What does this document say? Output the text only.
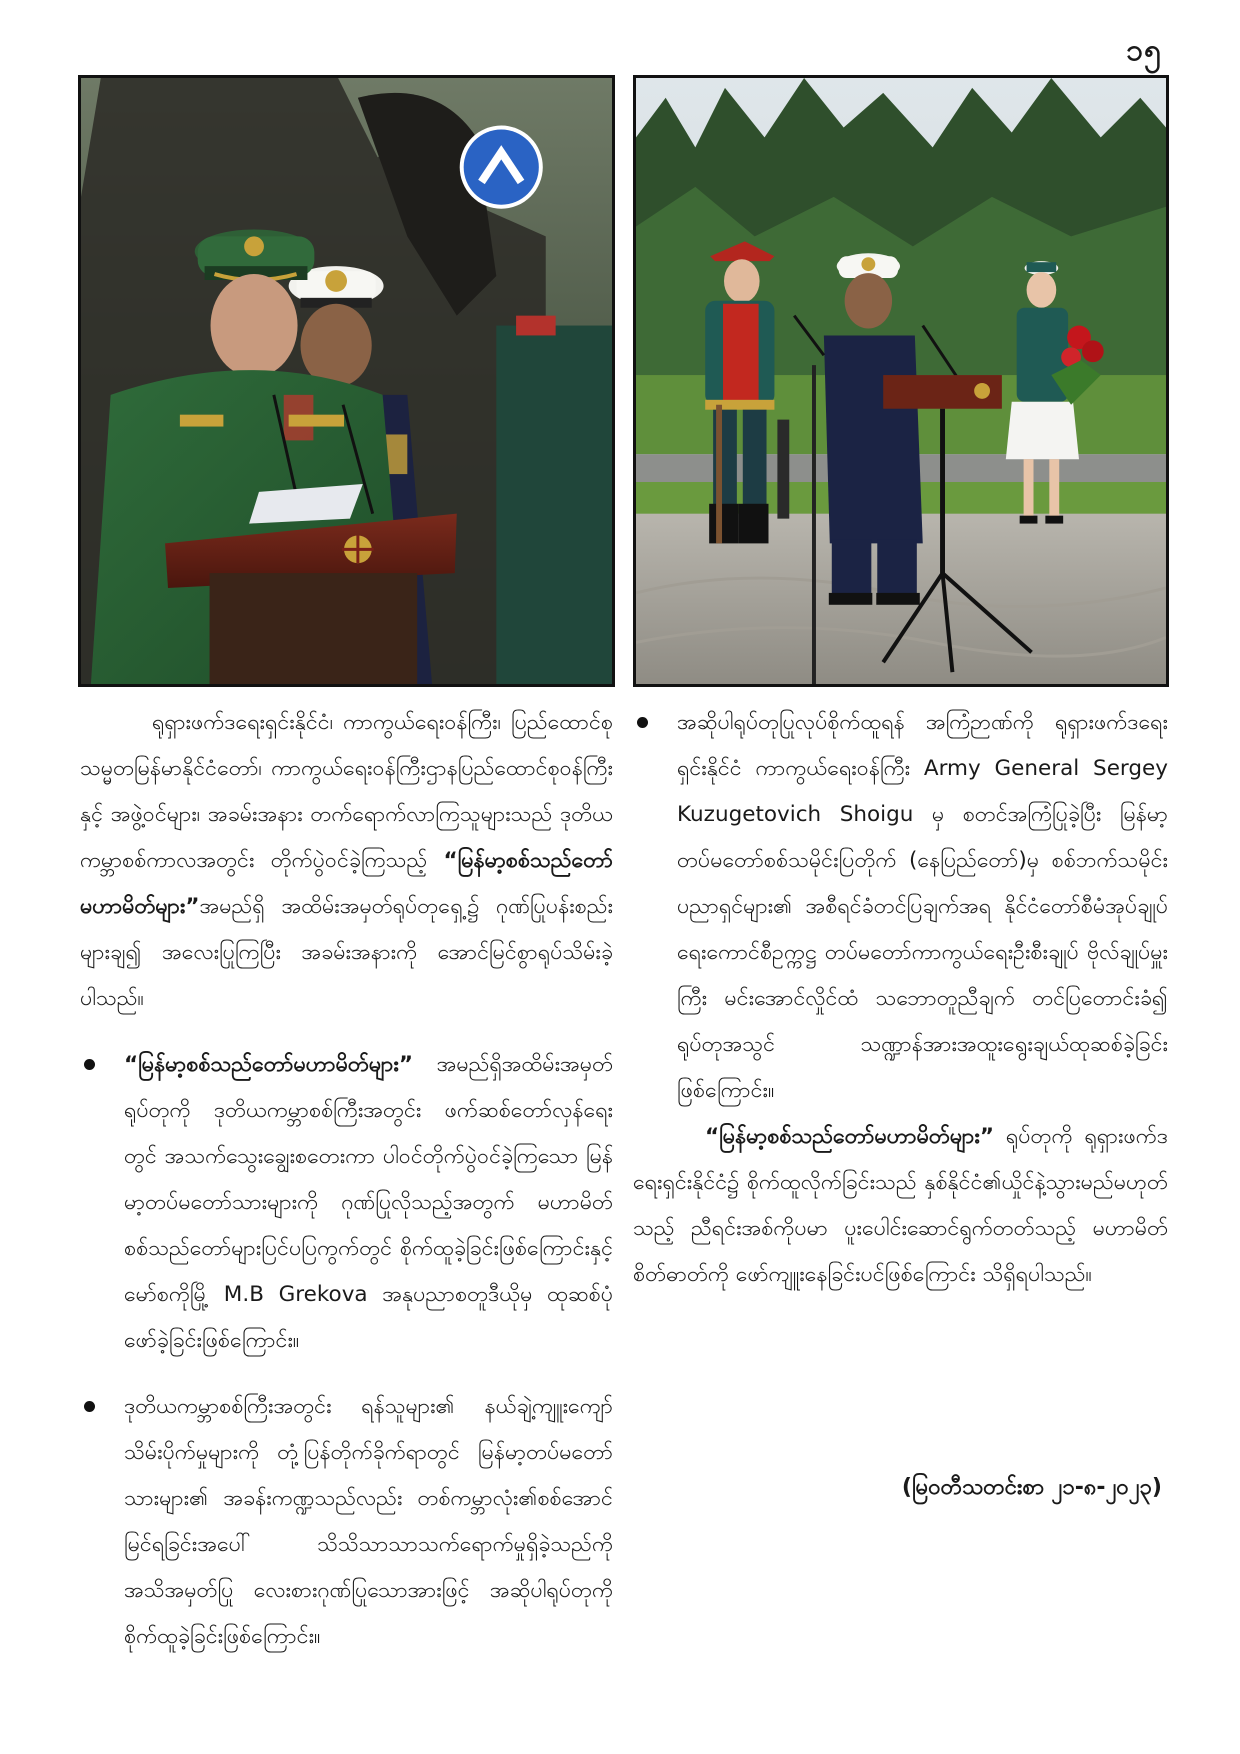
၁၅

ရုရှားဖက်ဒရေးရှင်းနိုင်ငံ၊ ကာကွယ်ရေးဝန်ကြီး၊ ပြည်ထောင်စုသမ္မတမြန်မာနိုင်ငံတော်၊ ကာကွယ်ရေးဝန်ကြီးဌာနပြည်ထောင်စုဝန်ကြီးနှင့် အဖွဲ့ဝင်များ၊ အခမ်းအနား တက်ရောက်လာကြသူများသည် ဒုတိယကမ္ဘာစစ်ကာလအတွင်း တိုက်ပွဲဝင်ခဲ့ကြသည့် “မြန်မာ့စစ်သည်တော်မဟာမိတ်များ”အမည်ရှိ အထိမ်းအမှတ်ရုပ်တုရှေ့၌ ဂုဏ်ပြုပန်းစည်းများချ၍ အလေးပြုကြပြီး အခမ်းအနားကို အောင်မြင်စွာရုပ်သိမ်းခဲ့ပါသည်။

“မြန်မာ့စစ်သည်တော်မဟာမိတ်များ” အမည်ရှိအထိမ်းအမှတ်ရုပ်တုကို ဒုတိယကမ္ဘာစစ်ကြီးအတွင်း ဖက်ဆစ်တော်လှန်ရေးတွင် အသက်သွေးချွေးစတေးကာ ပါဝင်တိုက်ပွဲဝင်ခဲ့ကြသော မြန်မာ့တပ်မတော်သားများကို ဂုဏ်ပြုလိုသည့်အတွက် မဟာမိတ်စစ်သည်တော်များပြင်ပပြကွက်တွင် စိုက်ထူခဲ့ခြင်းဖြစ်ကြောင်းနှင့် မော်စကိုမြို့ M.B Grekova အနုပညာစတူဒီယိုမှ ထုဆစ်ပုံဖော်ခဲ့ခြင်းဖြစ်ကြောင်း။

ဒုတိယကမ္ဘာစစ်ကြီးအတွင်း ရန်သူများ၏ နယ်ချဲ့ကျူးကျော်သိမ်းပိုက်မှုများကို တုံ့ပြန်တိုက်ခိုက်ရာတွင် မြန်မာ့တပ်မတော်သားများ၏ အခန်းကဏ္ဍသည်လည်း တစ်ကမ္ဘာလုံး၏စစ်အောင်မြင်ရခြင်းအပေါ် သိသိသာသာသက်ရောက်မှုရှိခဲ့သည်ကို အသိအမှတ်ပြု လေးစားဂုဏ်ပြုသောအားဖြင့် အဆိုပါရုပ်တုကို စိုက်ထူခဲ့ခြင်းဖြစ်ကြောင်း။

အဆိုပါရုပ်တုပြုလုပ်စိုက်ထူရန် အကြံဉာဏ်ကို ရုရှားဖက်ဒရေးရှင်းနိုင်ငံ ကာကွယ်ရေးဝန်ကြီး Army General Sergey Kuzugetovich Shoigu မှ စတင်အကြံပြုခဲ့ပြီး မြန်မာ့တပ်မတော်စစ်သမိုင်းပြတိုက် (နေပြည်တော်)မှ စစ်ဘက်သမိုင်းပညာရှင်များ၏ အစီရင်ခံတင်ပြချက်အရ နိုင်ငံတော်စီမံအုပ်ချုပ်ရေးကောင်စီဥက္ကဋ္ဌ တပ်မတော်ကာကွယ်ရေးဦးစီးချုပ် ဗိုလ်ချုပ်မှူးကြီး မင်းအောင်လှိုင်ထံ သဘောတူညီချက် တင်ပြတောင်းခံ၍ ရုပ်တုအသွင် သဏ္ဍာန်အားအထူးရွေးချယ်ထုဆစ်ခဲ့ခြင်းဖြစ်ကြောင်း။

“မြန်မာ့စစ်သည်တော်မဟာမိတ်များ” ရုပ်တုကို ရုရှားဖက်ဒရေးရှင်းနိုင်ငံ၌ စိုက်ထူလိုက်ခြင်းသည် နှစ်နိုင်ငံ၏ယှိုင်နဲ့သွားမည်မဟုတ်သည့် ညီရင်းအစ်ကိုပမာ ပူးပေါင်းဆောင်ရွက်တတ်သည့် မဟာမိတ်စိတ်ဓာတ်ကို ဖော်ကျူးနေခြင်းပင်ဖြစ်ကြောင်း သိရှိရပါသည်။

(မြဝတီသတင်းစာ ၂၁-၈-၂၀၂၃)
